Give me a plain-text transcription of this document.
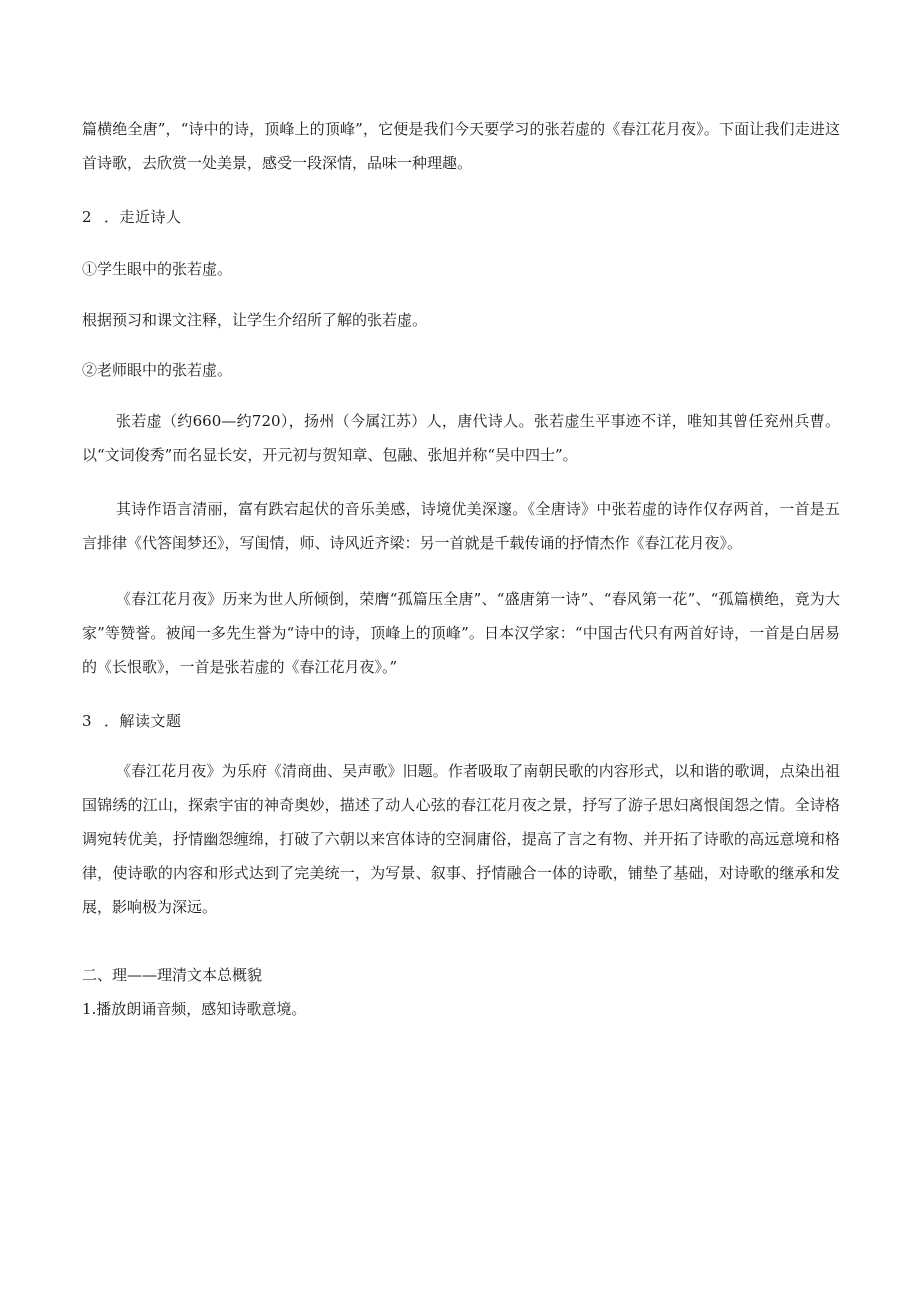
篇横绝全唐”，“诗中的诗，顶峰上的顶峰”，它便是我们今天要学习的张若虚的《春江花月夜》。下面让我们走进这首诗歌，去欣赏一处美景，感受一段深情，品味一种理趣。

2 ．走近诗人

①学生眼中的张若虚。

根据预习和课文注释，让学生介绍所了解的张若虚。

②老师眼中的张若虚。

张若虚（约660—约720），扬州（今属江苏）人，唐代诗人。张若虚生平事迹不详，唯知其曾任兖州兵曹。以“文词俊秀”而名显长安，开元初与贺知章、包融、张旭并称“吴中四士”。

其诗作语言清丽，富有跌宕起伏的音乐美感，诗境优美深邃。《全唐诗》中张若虚的诗作仅存两首，一首是五言排律《代答闺梦还》，写闺情，师、诗风近齐梁：另一首就是千载传诵的抒情杰作《春江花月夜》。

《春江花月夜》历来为世人所倾倒，荣膺“孤篇压全唐”、“盛唐第一诗”、“春风第一花”、“孤篇横绝，竟为大家”等赞誉。被闻一多先生誉为“诗中的诗，顶峰上的顶峰”。日本汉学家：“中国古代只有两首好诗，一首是白居易的《长恨歌》，一首是张若虚的《春江花月夜》。”

3 ．解读文题

《春江花月夜》为乐府《清商曲、吴声歌》旧题。作者吸取了南朝民歌的内容形式，以和谐的歌调，点染出祖国锦绣的江山，探索宇宙的神奇奥妙，描述了动人心弦的春江花月夜之景，抒写了游子思妇离恨闺怨之情。全诗格调宛转优美，抒情幽怨缠绵，打破了六朝以来宫体诗的空洞庸俗，提高了言之有物、并开拓了诗歌的高远意境和格律，使诗歌的内容和形式达到了完美统一，为写景、叙事、抒情融合一体的诗歌，铺垫了基础，对诗歌的继承和发展，影响极为深远。

二、理——理清文本总概貌

1.播放朗诵音频，感知诗歌意境。
